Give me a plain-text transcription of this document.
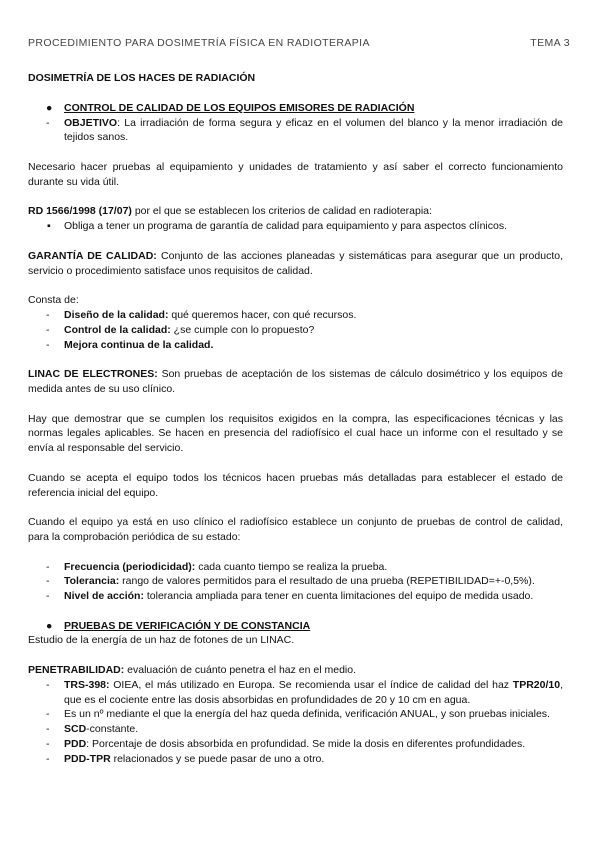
PROCEDIMIENTO PARA DOSIMETRÍA FÍSICA EN RADIOTERAPIA	TEMA 3

DOSIMETRÍA DE LOS HACES DE RADIACIÓN

● CONTROL DE CALIDAD DE LOS EQUIPOS EMISORES DE RADIACIÓN

- OBJETIVO: La irradiación de forma segura y eficaz en el volumen del blanco y la menor irradiación de tejidos sanos.

Necesario hacer pruebas al equipamiento y unidades de tratamiento y así saber el correcto funcionamiento durante su vida útil.

RD 1566/1998 (17/07) por el que se establecen los criterios de calidad en radioterapia:

▪ Obliga a tener un programa de garantía de calidad para equipamiento y para aspectos clínicos.

GARANTÍA DE CALIDAD: Conjunto de las acciones planeadas y sistemáticas para asegurar que un producto, servicio o procedimiento satisface unos requisitos de calidad.

Consta de:

- Diseño de la calidad: qué queremos hacer, con qué recursos.

- Control de la calidad: ¿se cumple con lo propuesto?

- Mejora continua de la calidad.

LINAC DE ELECTRONES: Son pruebas de aceptación de los sistemas de cálculo dosimétrico y los equipos de medida antes de su uso clínico.

Hay que demostrar que se cumplen los requisitos exigidos en la compra, las especificaciones técnicas y las normas legales aplicables. Se hacen en presencia del radiofísico el cual hace un informe con el resultado y se envía al responsable del servicio.

Cuando se acepta el equipo todos los técnicos hacen pruebas más detalladas para establecer el estado de referencia inicial del equipo.

Cuando el equipo ya está en uso clínico el radiofísico establece un conjunto de pruebas de control de calidad, para la comprobación periódica de su estado:

- Frecuencia (periodicidad): cada cuanto tiempo se realiza la prueba.

- Tolerancia: rango de valores permitidos para el resultado de una prueba (REPETIBILIDAD=+-0,5%).

- Nivel de acción: tolerancia ampliada para tener en cuenta limitaciones del equipo de medida usado.

● PRUEBAS DE VERIFICACIÓN Y DE CONSTANCIA

Estudio de la energía de un haz de fotones de un LINAC.

PENETRABILIDAD: evaluación de cuánto penetra el haz en el medio.

- TRS-398: OIEA, el más utilizado en Europa. Se recomienda usar el índice de calidad del haz TPR20/10, que es el cociente entre las dosis absorbidas en profundidades de 20 y 10 cm en agua.

- Es un nº mediante el que la energía del haz queda definida, verificación ANUAL, y son pruebas iniciales.

- SCD-constante.

- PDD: Porcentaje de dosis absorbida en profundidad. Se mide la dosis en diferentes profundidades.

- PDD-TPR relacionados y se puede pasar de uno a otro.
